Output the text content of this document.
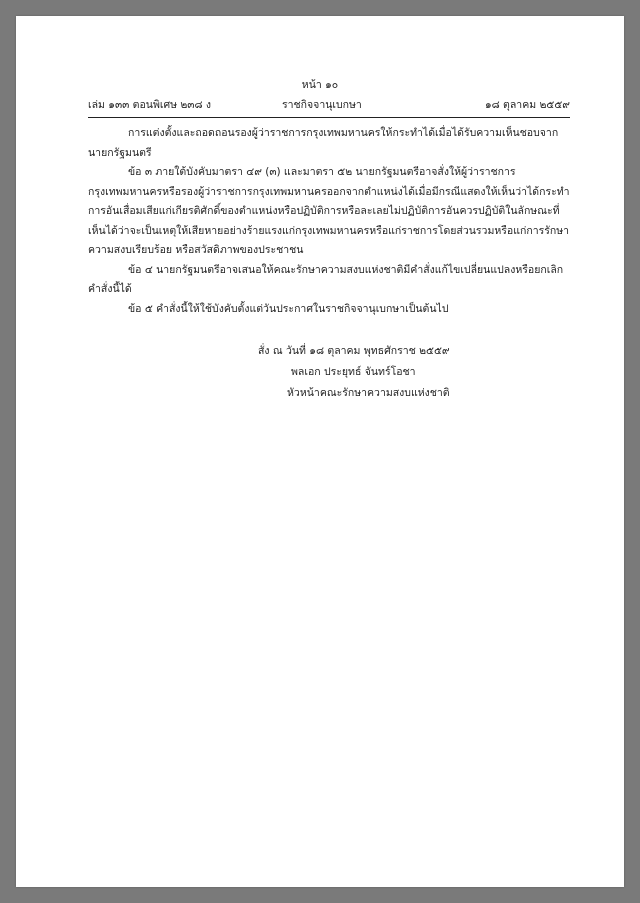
หน้า ๑๐
เล่ม ๑๓๓ ตอนพิเศษ ๒๓๘ ง	ราชกิจจานุเบกษา	๑๘ ตุลาคม ๒๕๕๙

การแต่งตั้งและถอดถอนรองผู้ว่าราชการกรุงเทพมหานครให้กระทำได้เมื่อได้รับความเห็นชอบจากนายกรัฐมนตรี

ข้อ ๓ ภายใต้บังคับมาตรา ๔๙ (๓) และมาตรา ๕๒ นายกรัฐมนตรีอาจสั่งให้ผู้ว่าราชการกรุงเทพมหานครหรือรองผู้ว่าราชการกรุงเทพมหานครออกจากตำแหน่งได้เมื่อมีกรณีแสดงให้เห็นว่าได้กระทำการอันเสื่อมเสียแก่เกียรติศักดิ์ของตำแหน่งหรือปฏิบัติการหรือละเลยไม่ปฏิบัติการอันควรปฏิบัติในลักษณะที่เห็นได้ว่าจะเป็นเหตุให้เสียหายอย่างร้ายแรงแก่กรุงเทพมหานครหรือแก่ราชการโดยส่วนรวมหรือแก่การรักษาความสงบเรียบร้อย หรือสวัสดิภาพของประชาชน

ข้อ ๔ นายกรัฐมนตรีอาจเสนอให้คณะรักษาความสงบแห่งชาติมีคำสั่งแก้ไขเปลี่ยนแปลงหรือยกเลิกคำสั่งนี้ได้

ข้อ ๕ คำสั่งนี้ให้ใช้บังคับตั้งแต่วันประกาศในราชกิจจานุเบกษาเป็นต้นไป

สั่ง ณ วันที่ ๑๘ ตุลาคม พุทธศักราช ๒๕๕๙
พลเอก ประยุทธ์ จันทร์โอชา
หัวหน้าคณะรักษาความสงบแห่งชาติ
